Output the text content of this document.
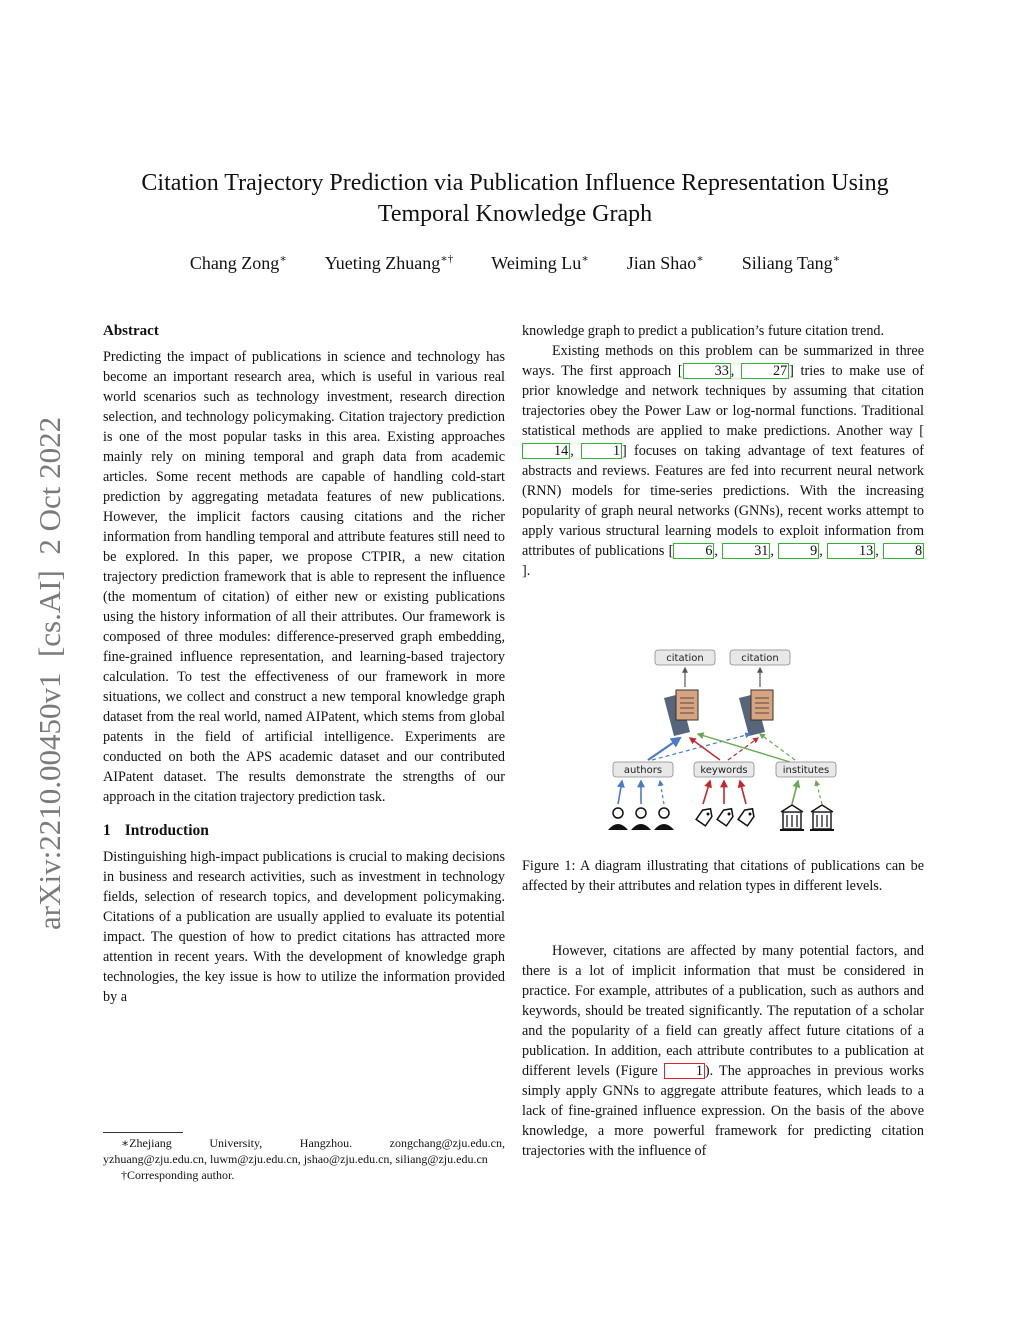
arXiv:2210.00450v1  [cs.AI]  2 Oct 2022
Citation Trajectory Prediction via Publication Influence Representation Using
Temporal Knowledge Graph
Chang Zong∗ Yueting Zhuang∗† Weiming Lu∗ Jian Shao∗ Siliang Tang∗

Abstract

Predicting the impact of publications in science and technology has become an important research area, which is useful in various real world scenarios such as technology investment, research direction selection, and technology policymaking. Citation trajectory prediction is one of the most popular tasks in this area. Existing approaches mainly rely on mining temporal and graph data from academic articles. Some recent methods are capable of handling cold-start prediction by aggregating metadata features of new publications. However, the implicit factors causing citations and the richer information from handling temporal and attribute features still need to be explored. In this paper, we propose CTPIR, a new citation trajectory prediction framework that is able to represent the influence (the momentum of citation) of either new or existing publications using the history information of all their attributes. Our framework is composed of three modules: difference-preserved graph embedding, fine-grained influence representation, and learning-based trajectory calculation. To test the effectiveness of our framework in more situations, we collect and construct a new temporal knowledge graph dataset from the real world, named AIPatent, which stems from global patents in the field of artificial intelligence. Experiments are conducted on both the APS academic dataset and our contributed AIPatent dataset. The results demonstrate the strengths of our approach in the citation trajectory prediction task.

1 Introduction

Distinguishing high-impact publications is crucial to making decisions in business and research activities, such as investment in technology fields, selection of research topics, and development policymaking. Citations of a publication are usually applied to evaluate its potential impact. The question of how to predict citations has attracted more attention in recent years. With the development of knowledge graph technologies, the key issue is how to utilize the information provided by a

∗Zhejiang University, Hangzhou. zongchang@zju.edu.cn, yzhuang@zju.edu.cn, luwm@zju.edu.cn, jshao@zju.edu.cn, siliang@zju.edu.cn

†Corresponding author.

knowledge graph to predict a publication’s future citation trend.

Existing methods on this problem can be summarized in three ways. The first approach [ 33 , 27 ] tries to make use of prior knowledge and network techniques by assuming that citation trajectories obey the Power Law or log-normal functions. Traditional statistical methods are applied to make predictions. Another way [14 , 1 ] focuses on taking advantage of text features of abstracts and reviews. Features are fed into recurrent neural network (RNN) models for time-series predictions. With the increasing popularity of graph neural networks (GNNs), recent works attempt to apply various structural learning models to exploit information from attributes of publications [ 6 , 31 , 9 , 13 , 8].

citation	citation
authors	keywords	institutes
Figure 1: A diagram illustrating that citations of publications can be affected by their attributes and relation types in different levels.

However, citations are affected by many potential factors, and there is a lot of implicit information that must be considered in practice. For example, attributes of a publication, such as authors and keywords, should be treated significantly. The reputation of a scholar and the popularity of a field can greatly affect future citations of a publication. In addition, each attribute contributes to a publication at different levels (Figure	1 ). The approaches in previous works simply apply GNNs to aggregate attribute features, which leads to a lack of fine-grained influence expression. On the basis of the above knowledge, a more powerful framework for predicting citation trajectories with the influence of
